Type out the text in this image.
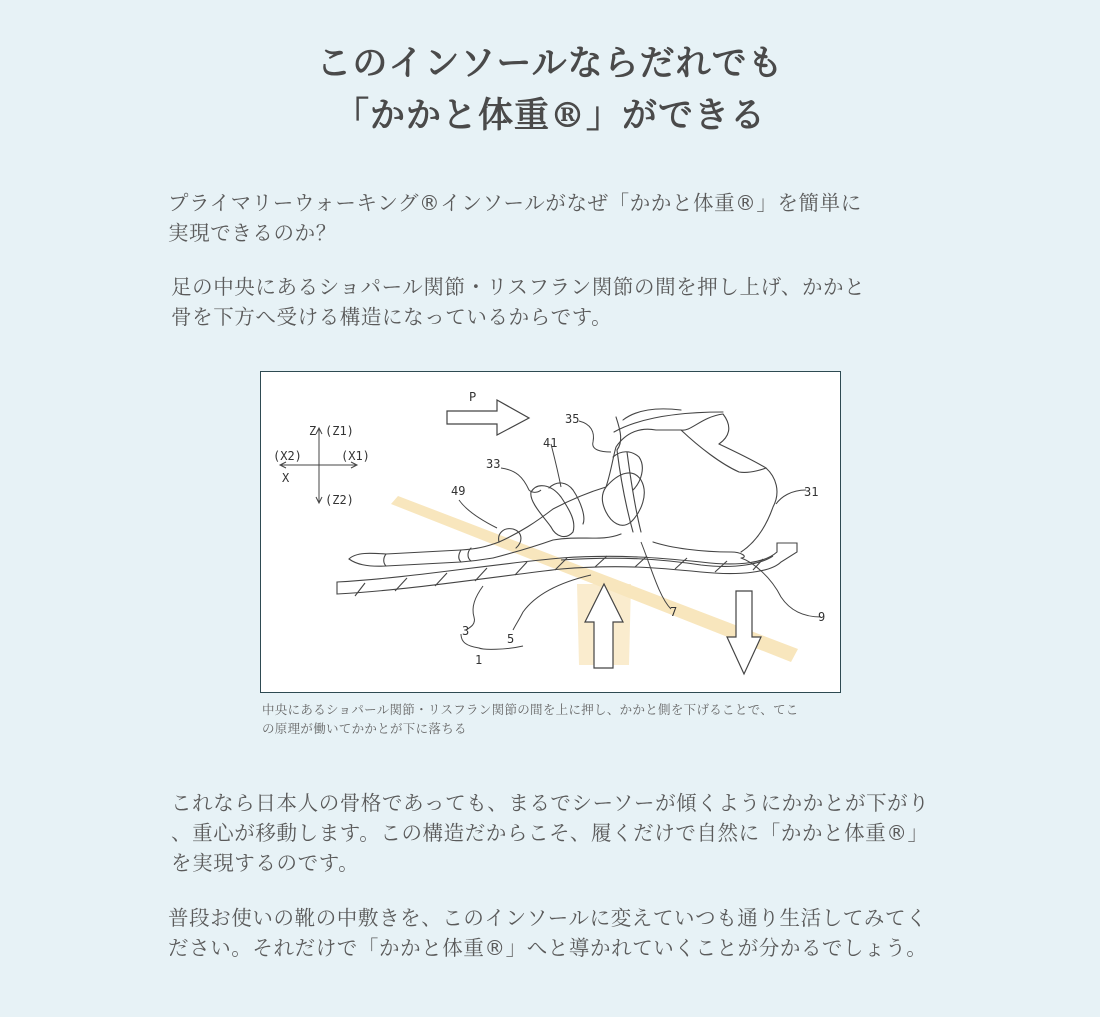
このインソールならだれでも
「かかと体重®」ができる
プライマリーウォーキング®インソールがなぜ「かかと体重®」を簡単に
実現できるのか？
足の中央にあるショパール関節・リスフラン関節の間を押し上げ、かかと
骨を下方へ受ける構造になっているからです。
Z (Z1)
(X2)	(X1)
X
(Z2)
P
35
41
33
49	31
7	9
3
5
1
中央にあるショパール関節・リスフラン関節の間を上に押し、かかと側を下げることで、てこ
の原理が働いてかかとが下に落ちる
これなら日本人の骨格であっても、まるでシーソーが傾くようにかかとが下がり
、重心が移動します。この構造だからこそ、履くだけで自然に「かかと体重®」
を実現するのです。
普段お使いの靴の中敷きを、このインソールに変えていつも通り生活してみてく
ださい。それだけで「かかと体重®」へと導かれていくことが分かるでしょう。
